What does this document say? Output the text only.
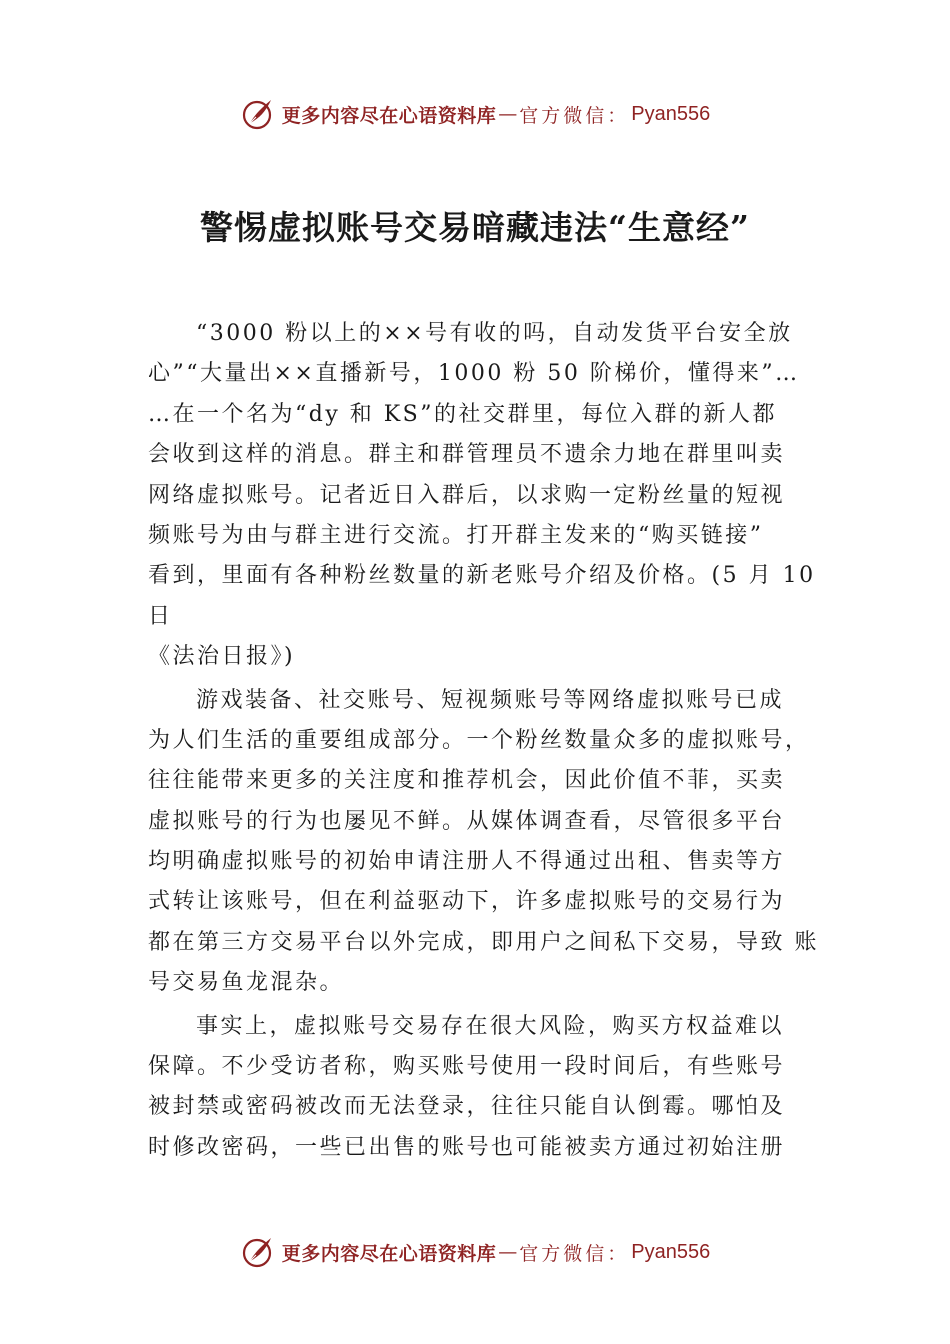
更多内容尽在心语资料库 — 官方微信： Pyan556
警惕虚拟账号交易暗藏违法“生意经”
“3000 粉以上的××号有收的吗，自动发货平台安全放
心”“大量出××直播新号，1000 粉 50 阶梯价，懂得来”…
…在一个名为“dy 和 KS”的社交群里，每位入群的新人都
会收到这样的消息。群主和群管理员不遗余力地在群里叫卖
网络虚拟账号。记者近日入群后，以求购一定粉丝量的短视
频账号为由与群主进行交流。打开群主发来的“购买链接”
看到，里面有各种粉丝数量的新老账号介绍及价格。(5 月 10
日
《法治日报》)
游戏装备、社交账号、短视频账号等网络虚拟账号已成
为人们生活的重要组成部分。一个粉丝数量众多的虚拟账号，
往往能带来更多的关注度和推荐机会，因此价值不菲，买卖
虚拟账号的行为也屡见不鲜。从媒体调查看，尽管很多平台
均明确虚拟账号的初始申请注册人不得通过出租、售卖等方
式转让该账号，但在利益驱动下，许多虚拟账号的交易行为
都在第三方交易平台以外完成，即用户之间私下交易，导致 账
号交易鱼龙混杂。
事实上，虚拟账号交易存在很大风险，购买方权益难以
保障。不少受访者称，购买账号使用一段时间后，有些账号
被封禁或密码被改而无法登录，往往只能自认倒霉。哪怕及
时修改密码，一些已出售的账号也可能被卖方通过初始注册
更多内容尽在心语资料库 — 官方微信： Pyan556
